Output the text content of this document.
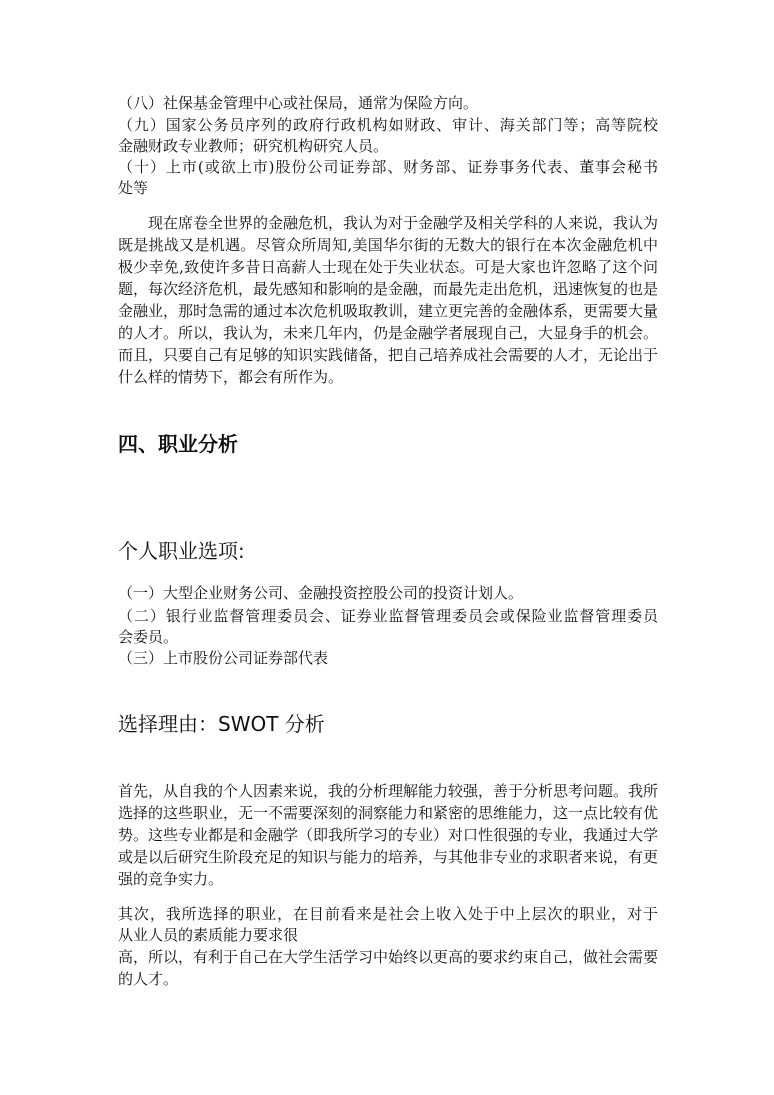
（八）社保基金管理中心或社保局，通常为保险方向。
（九）国家公务员序列的政府行政机构如财政、审计、海关部门等；高等院校
金融财政专业教师；研究机构研究人员。
（十）上市(或欲上市)股份公司证券部、财务部、证券事务代表、董事会秘书
处等
现在席卷全世界的金融危机，我认为对于金融学及相关学科的人来说，我认为既是挑战又是机遇。尽管众所周知,美国华尔街的无数大的银行在本次金融危机中极少幸免,致使许多昔日高薪人士现在处于失业状态。可是大家也许忽略了这个问题，每次经济危机，最先感知和影响的是金融，而最先走出危机，迅速恢复的也是金融业，那时急需的通过本次危机吸取教训，建立更完善的金融体系，更需要大量的人才。所以，我认为，未来几年内，仍是金融学者展现自己，大显身手的机会。而且，只要自己有足够的知识实践储备，把自己培养成社会需要的人才，无论出于什么样的情势下，都会有所作为。
四、职业分析
个人职业选项:
（一）大型企业财务公司、金融投资控股公司的投资计划人。
（二）银行业监督管理委员会、证券业监督管理委员会或保险业监督管理委员
会委员。
（三）上市股份公司证券部代表
选择理由：SWOT 分析
首先，从自我的个人因素来说，我的分析理解能力较强，善于分析思考问题。我所选择的这些职业，无一不需要深刻的洞察能力和紧密的思维能力，这一点比较有优势。这些专业都是和金融学（即我所学习的专业）对口性很强的专业，我通过大学或是以后研究生阶段充足的知识与能力的培养，与其他非专业的求职者来说，有更强的竞争实力。
其次，我所选择的职业，在目前看来是社会上收入处于中上层次的职业，对于
从业人员的素质能力要求很
高，所以，有利于自己在大学生活学习中始终以更高的要求约束自己，做社会需要的人才。
